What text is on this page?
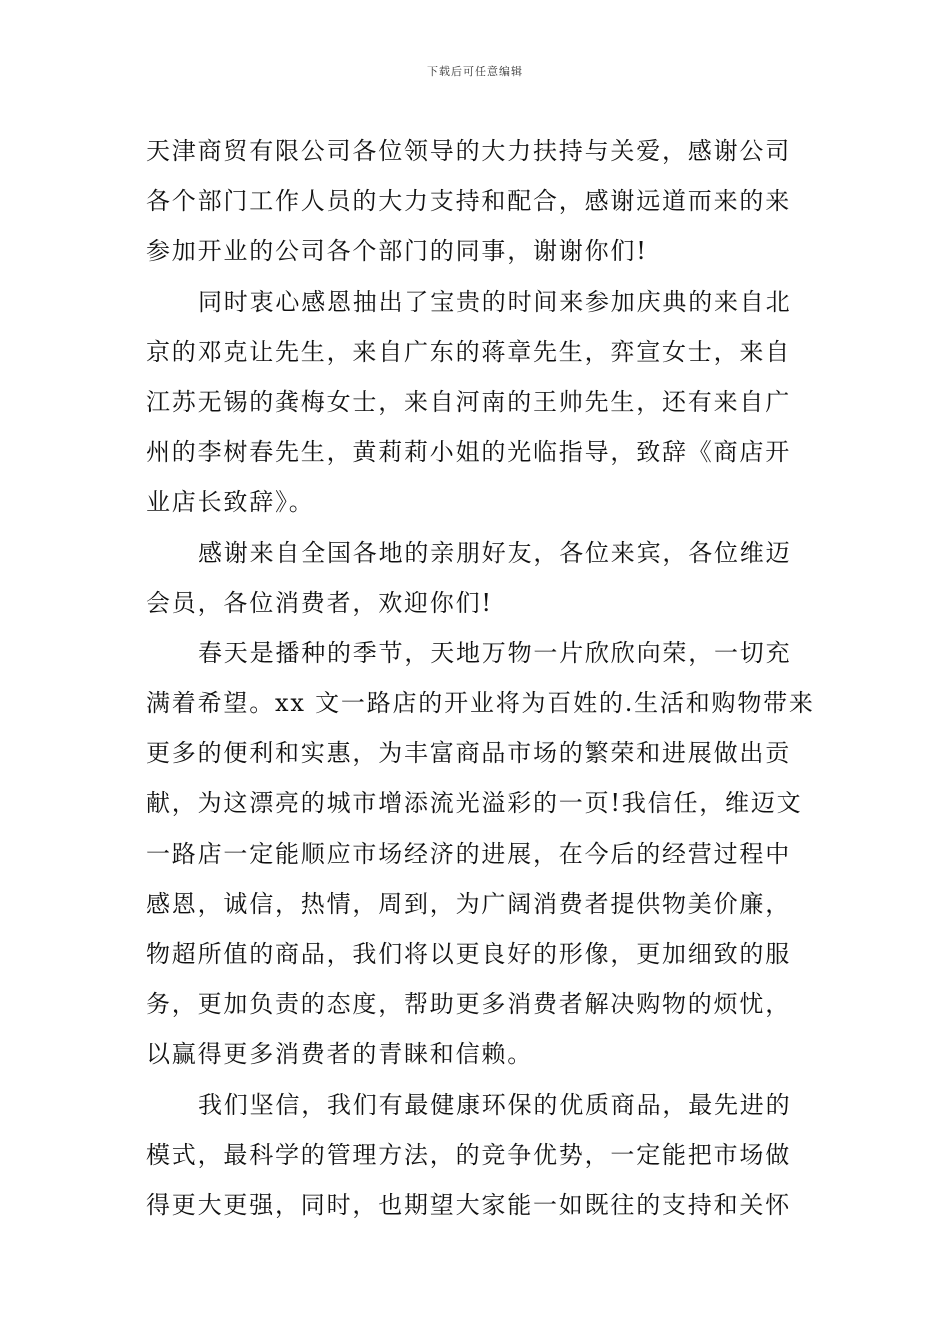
下载后可任意编辑
天津商贸有限公司各位领导的大力扶持与关爱，感谢公司
各个部门工作人员的大力支持和配合，感谢远道而来的来
参加开业的公司各个部门的同事，谢谢你们!
同时衷心感恩抽出了宝贵的时间来参加庆典的来自北
京的邓克让先生，来自广东的蒋章先生，弈宣女士，来自
江苏无锡的龚梅女士，来自河南的王帅先生，还有来自广
州的李树春先生，黄莉莉小姐的光临指导，致辞《商店开
业店长致辞》。
感谢来自全国各地的亲朋好友，各位来宾，各位维迈
会员，各位消费者，欢迎你们!
春天是播种的季节，天地万物一片欣欣向荣，一切充
满着希望。xx 文一路店的开业将为百姓的.生活和购物带来
更多的便利和实惠，为丰富商品市场的繁荣和进展做出贡
献，为这漂亮的城市增添流光溢彩的一页!我信任，维迈文
一路店一定能顺应市场经济的进展，在今后的经营过程中
感恩，诚信，热情，周到，为广阔消费者提供物美价廉，
物超所值的商品，我们将以更良好的形像，更加细致的服
务，更加负责的态度，帮助更多消费者解决购物的烦忧，
以赢得更多消费者的青睐和信赖。
我们坚信，我们有最健康环保的优质商品，最先进的
模式，最科学的管理方法，的竞争优势，一定能把市场做
得更大更强，同时，也期望大家能一如既往的支持和关怀
